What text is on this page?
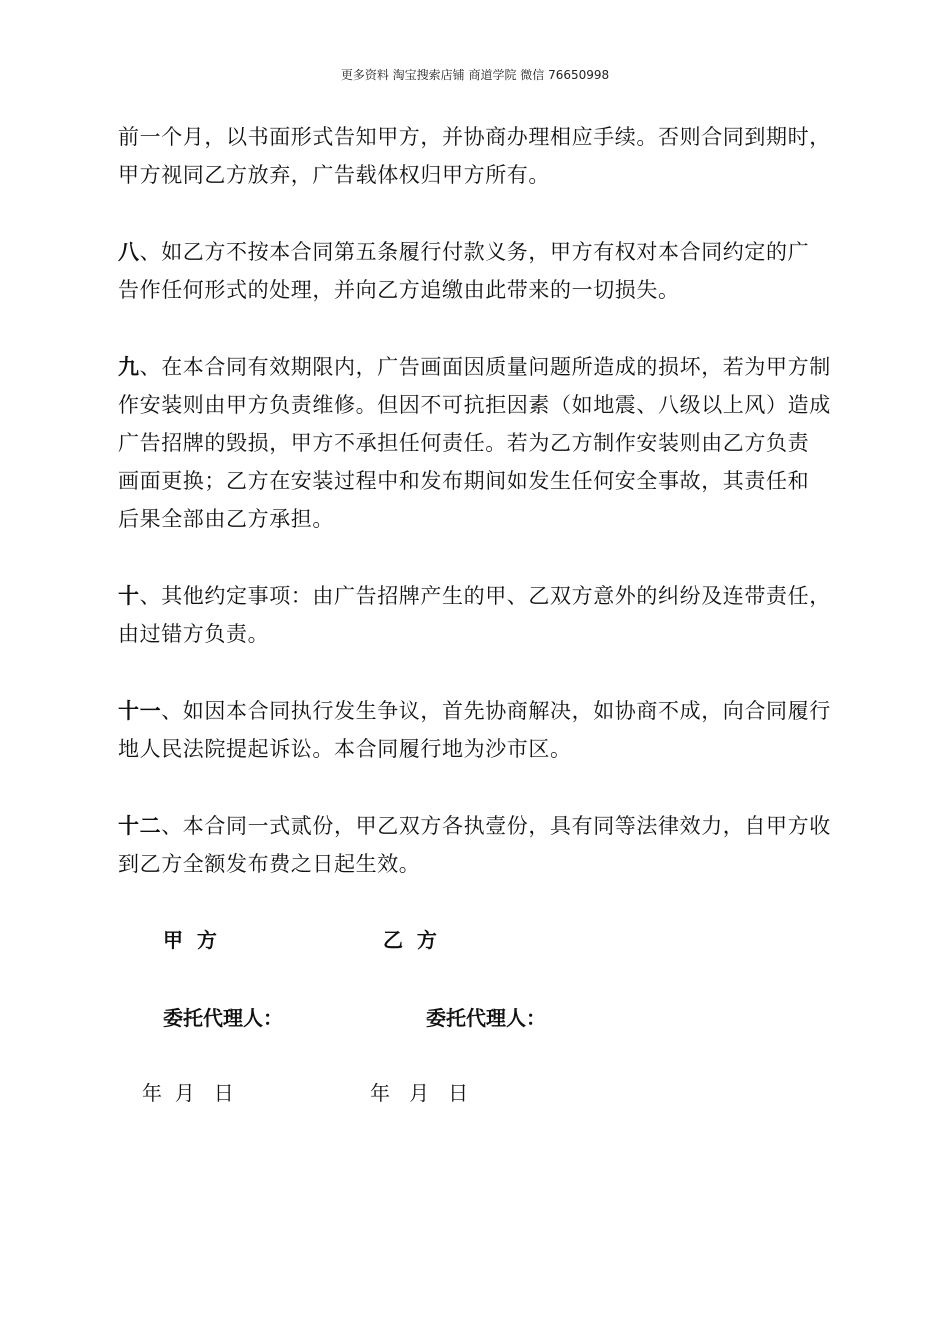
更多资料 淘宝搜索店铺 商道学院 微信 76650998
前一个月，以书面形式告知甲方，并协商办理相应手续。否则合同到期时，
甲方视同乙方放弃，广告载体权归甲方所有。
八、如乙方不按本合同第五条履行付款义务，甲方有权对本合同约定的广
告作任何形式的处理，并向乙方追缴由此带来的一切损失。
九、在本合同有效期限内，广告画面因质量问题所造成的损坏，若为甲方制
作安装则由甲方负责维修。但因不可抗拒因素（如地震、八级以上风）造成
广告招牌的毁损，甲方不承担任何责任。若为乙方制作安装则由乙方负责
画面更换；乙方在安装过程中和发布期间如发生任何安全事故，其责任和
后果全部由乙方承担。
十、其他约定事项：由广告招牌产生的甲、乙双方意外的纠纷及连带责任，
由过错方负责。
十一、如因本合同执行发生争议，首先协商解决，如协商不成，向合同履行
地人民法院提起诉讼。本合同履行地为沙市区。
十二、本合同一式贰份，甲乙双方各执壹份，具有同等法律效力，自甲方收
到乙方全额发布费之日起生效。
甲  方	乙  方
委托代理人：	委托代理人：
年  月   日	年   月   日
